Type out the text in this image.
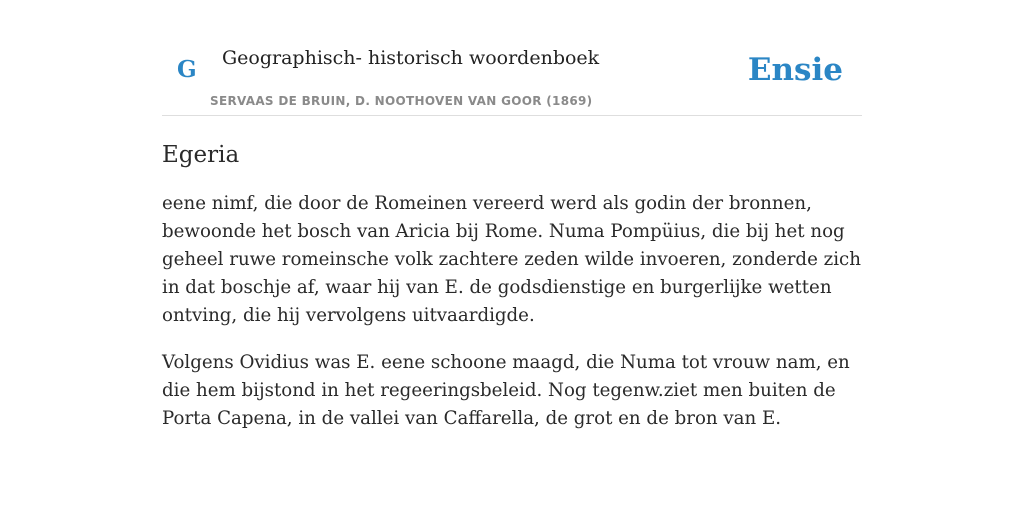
G Geographisch- historisch woordenboek
SERVAAS DE BRUIN, D. NOOTHOVEN VAN GOOR (1869)
Ensie
Egeria

eene nimf, die door de Romeinen vereerd werd als godin der bronnen, bewoonde het bosch van Aricia bij Rome. Numa Pompüius, die bij het nog geheel ruwe romeinsche volk zachtere zeden wilde invoeren, zonderde zich in dat boschje af, waar hij van E. de godsdienstige en burgerlijke wetten ontving, die hij vervolgens uitvaardigde.

Volgens Ovidius was E. eene schoone maagd, die Numa tot vrouw nam, en die hem bijstond in het regeeringsbeleid. Nog tegenw.ziet men buiten de Porta Capena, in de vallei van Caffarella, de grot en de bron van E.
